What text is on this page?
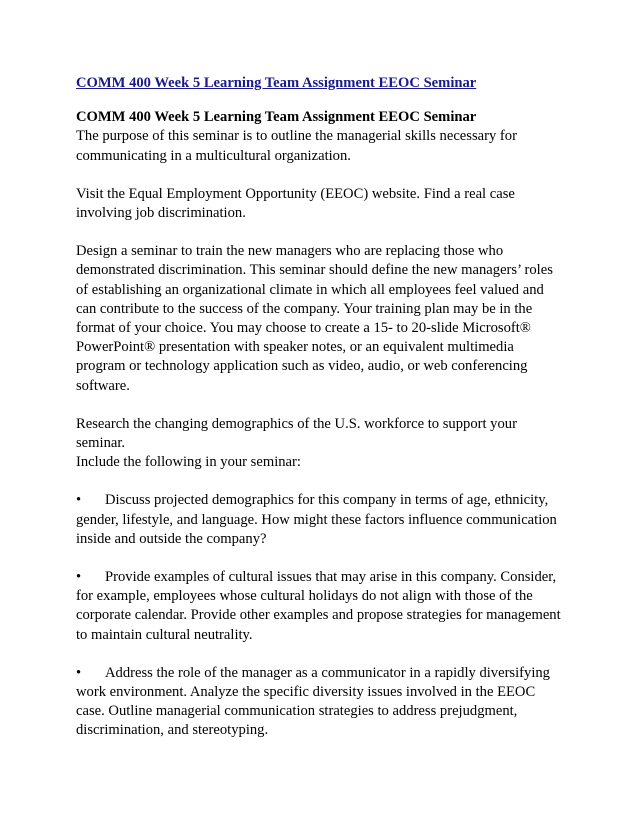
COMM 400 Week 5 Learning Team Assignment EEOC Seminar
COMM 400 Week 5 Learning Team Assignment EEOC Seminar

The purpose of this seminar is to outline the managerial skills necessary for communicating in a multicultural organization.

Visit the Equal Employment Opportunity (EEOC) website. Find a real case involving job discrimination.

Design a seminar to train the new managers who are replacing those who demonstrated discrimination. This seminar should define the new managers’ roles of establishing an organizational climate in which all employees feel valued and can contribute to the success of the company. Your training plan may be in the format of your choice. You may choose to create a 15- to 20-slide Microsoft® PowerPoint® presentation with speaker notes, or an equivalent multimedia program or technology application such as video, audio, or web conferencing software.

Research the changing demographics of the U.S. workforce to support your seminar.

Include the following in your seminar:

• Discuss projected demographics for this company in terms of age, ethnicity, gender, lifestyle, and language. How might these factors influence communication inside and outside the company?
• Provide examples of cultural issues that may arise in this company. Consider, for example, employees whose cultural holidays do not align with those of the corporate calendar. Provide other examples and propose strategies for management to maintain cultural neutrality.
• Address the role of the manager as a communicator in a rapidly diversifying work environment. Analyze the specific diversity issues involved in the EEOC case. Outline managerial communication strategies to address prejudgment, discrimination, and stereotyping.
